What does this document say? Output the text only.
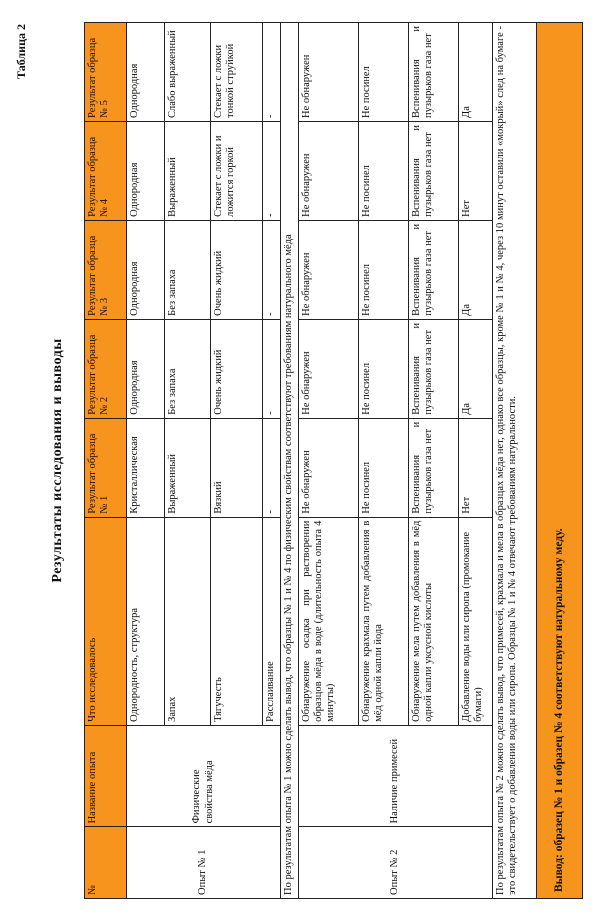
Таблица 2
Результаты исследования и выводы
№	Название опыта	Что исследовалось	Результат образца № 1	Результат образца № 2	Результат образца № 3	Результат образца № 4	Результат образца № 5
Опыт № 1	Физические свойства мёда	Однородность, структура	Кристаллическая	Однородная	Однородная	Однородная	Однородная
		Запах	Выраженный	Без запаха	Без запаха	Выраженный	Слабо выраженный
		Тягучесть	Вязкий	Очень жидкий	Очень жидкий	Стекает с ложки и ложится горкой	Стекает с ложки тонкой струйкой
		Расслаивание	-	-	-	-	-
По результатам опыта № 1 можно сделать вывод, что образцы № 1 и № 4 по физическим свойствам соответствуют требованиям натурального мёда							
Опыт № 2	Наличие примесей	Обнаружение осадка при растворении образцов мёда в воде (длительность опыта 4 минуты)	Не обнаружен	Не обнаружен	Не обнаружен	Не обнаружен	Не обнаружен
		Обнаружение крахмала путем добавления в мёд одной капли йода	Не посинел	Не посинел	Не посинел	Не посинел	Не посинел
		Обнаружение мела путем добавления в мёд одной капли уксусной кислоты	Вспенивания и пузырьков газа нет	Вспенивания и пузырьков газа нет	Вспенивания и пузырьков газа нет	Вспенивания и пузырьков газа нет	Вспенивания и пузырьков газа нет
		Добавление воды или сиропа (промокание бумаги)	Нет	Да	Да	Нет	Да
По результатам опыта № 2 можно сделать вывод, что примесей, крахмала и мела в образцах мёда нет, однако все образцы, кроме № 1 и № 4, через 10 минут оставили «мокрый» след на бумаге - это свидетельствует о добавлении воды или сиропа. Образцы № 1 и № 4 отвечают требованиям натуральности.							
Вывод: образец № 1 и образец № 4 соответствуют натуральному меду.							
